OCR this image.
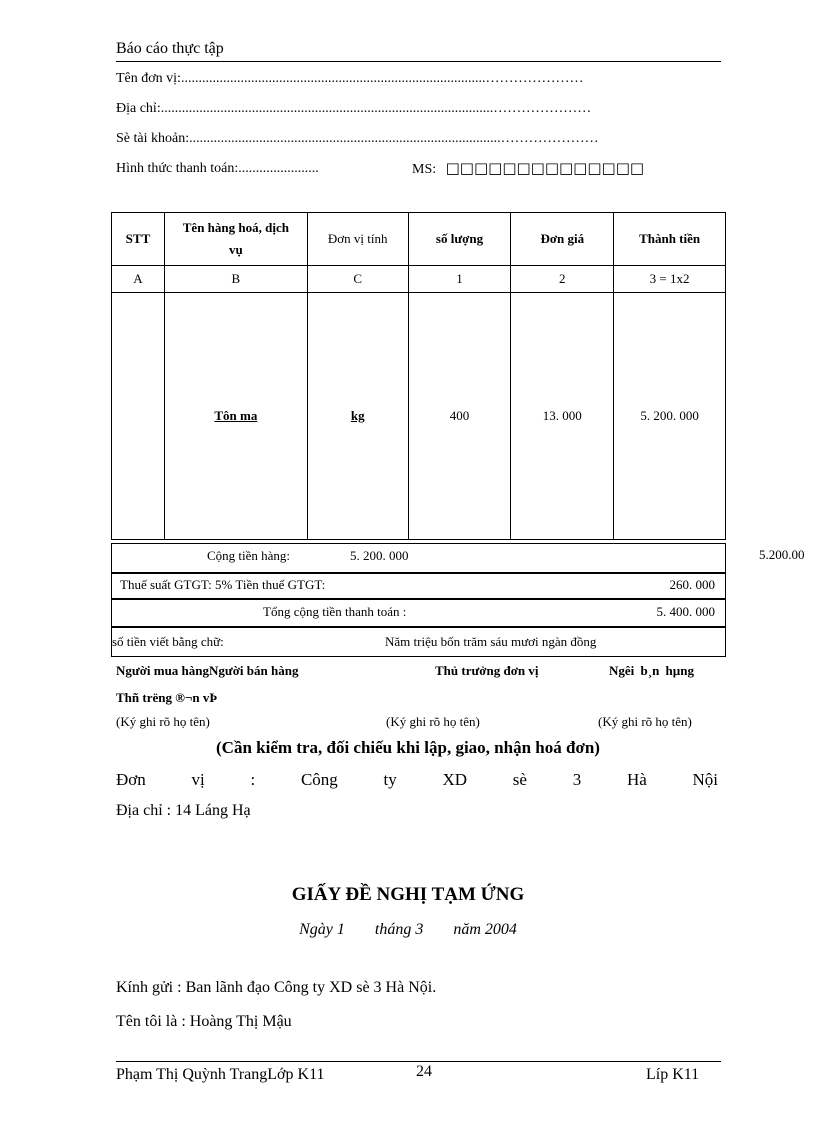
Báo cáo thực tập
Tên đơn vị:.......................................................................................…………………
Địa chỉ:...............................................................................................…………………
Sè tài khoản:.........................................................................................…………………
Hình thức thanh toán:.......................	MS: □□□□□□□□□□□□□□
STT	Tên hàng hoá, dịch vụ	Đơn vị tính	số lượng	Đơn giá	Thành tiền
A	B	C	1	2	3 = 1x2
	Tôn ma	kg	400	13. 000	5. 200. 000
Cộng tiền hàng:	5. 200. 000	5.200.00
Thuế suất GTGT: 5% Tiền thuế GTGT:	260. 000
Tổng cộng tiền thanh toán :	5. 400. 000
số tiền viết bằng chữ:	Năm triệu bốn trăm sáu mươi ngàn đồng
Người mua hàngNgười bán hàng	Thủ trưởng đơn vị	Ngêi b¸n hµng
Thñ trëng ®¬n vÞ
(Ký ghi rõ họ tên)	(Ký ghi rõ họ tên)	(Ký ghi rõ họ tên)
(Cần kiểm tra, đối chiếu khi lập, giao, nhận hoá đơn)
Đơn	vị	:	Công	ty	XD	sè	3	Hà	Nội
Địa chỉ : 14 Láng Hạ
GIẤY ĐỀ NGHỊ TẠM ỨNG
Ngày 1 tháng 3 năm 2004
Kính gửi : Ban lãnh đạo Công ty XD sè 3 Hà Nội.
Tên tôi là : Hoàng Thị Mậu
Phạm Thị Quỳnh TrangLớp K11	24	Líp K11
